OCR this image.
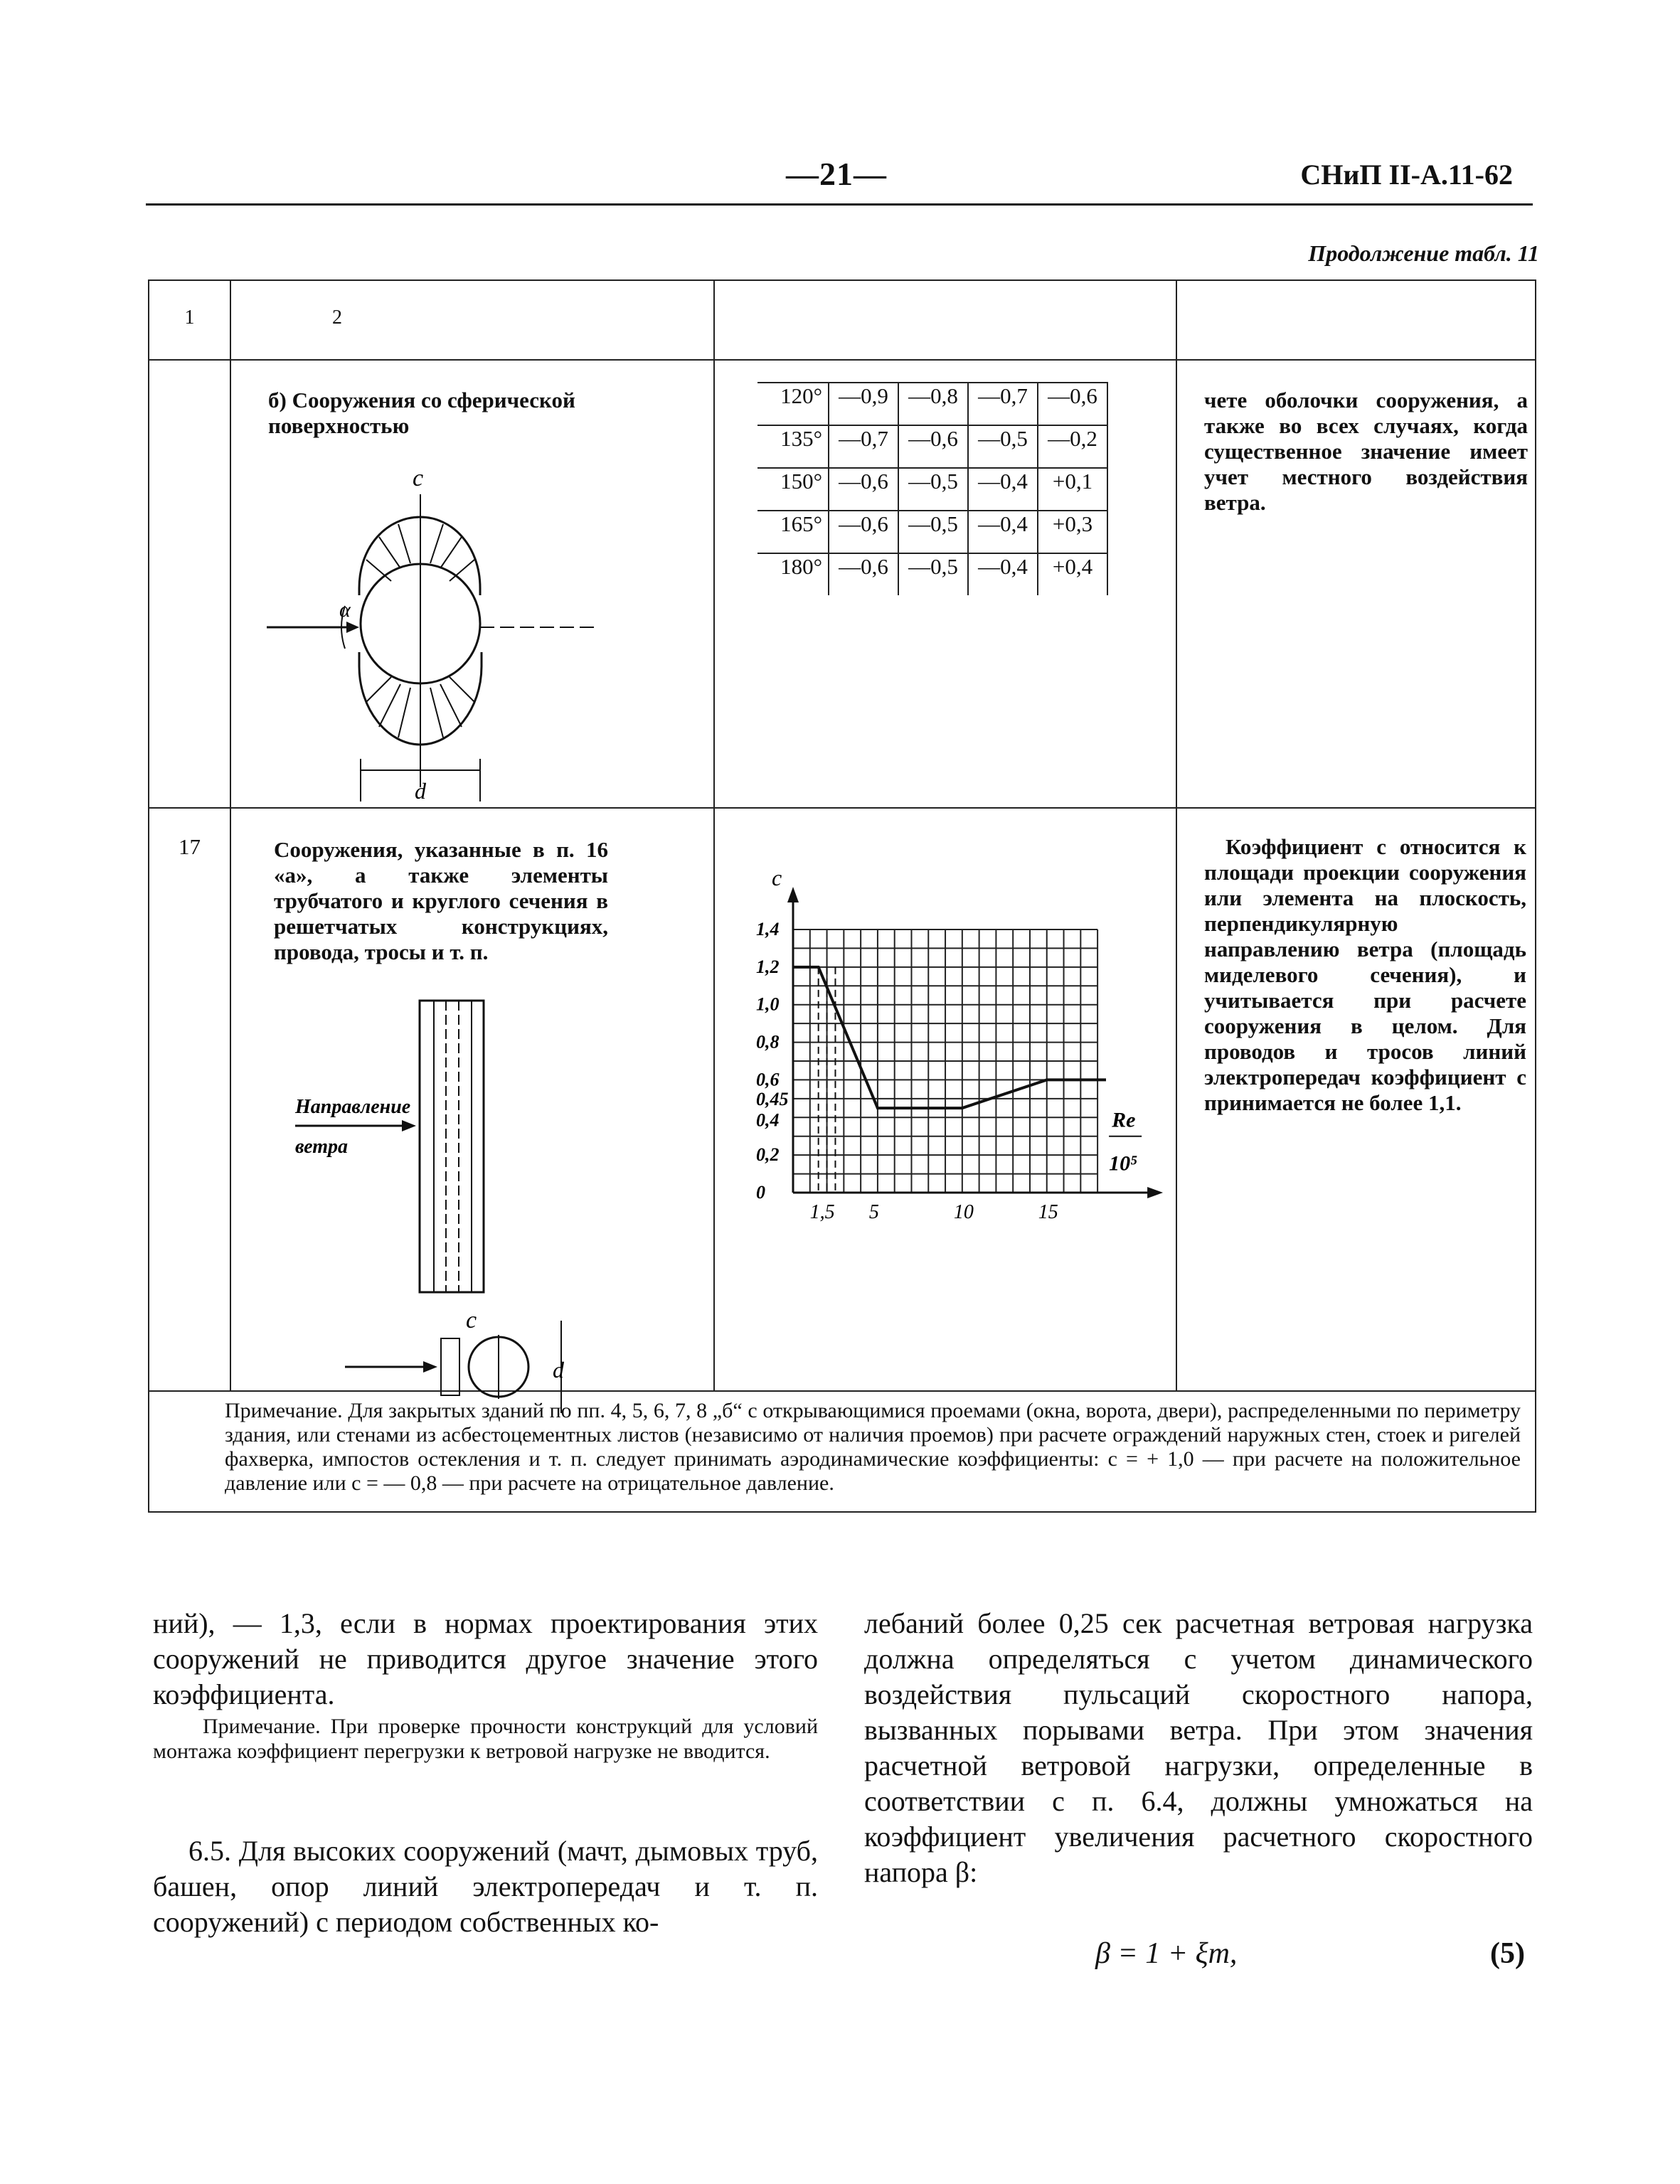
—21—	СНиП II-А.11-62
Продолжение табл. 11
1	2		

б) Сооружения со сферической поверхностью
c
α
d

120°	—0,9	—0,8	—0,7	—0,6
135°	—0,7	—0,6	—0,5	—0,2
150°	—0,6	—0,5	—0,4	+0,1
165°	—0,6	—0,5	—0,4	+0,3
180°	—0,6	—0,5	—0,4	+0,4

чете оболочки сооружения, а также во всех случаях, когда существенное значение имеет учет местного воздействия ветра.

17	Сооружения, указанные в п. 16 «а», а также элементы трубчатого и круглого сечения в решетчатых конструкциях, провода, тросы и т. п.
Направление
ветра
c
d

1,5 5	10	15
0
0,2
0,4
0,45
0,6
0,8
1,0
1,2
1,4
c
Re
10⁵

Коэффициент c относится к площади проекции сооружения или элемента на плоскость, перпендикулярную направлению ветра (площадь миделевого сечения), и учитывается при расчете сооружения в целом. Для проводов и тросов линий электропередач коэффициент c принимается не более 1,1.

Примечание. Для закрытых зданий по пп. 4, 5, 6, 7, 8 „б“ с открывающимися проемами (окна, ворота, двери), распределенными по периметру здания, или стенами из асбестоцементных листов (независимо от наличия проемов) при расчете ограждений наружных стен, стоек и ригелей фахверка, импостов остекления и т. п. следует принимать аэродинамические коэффициенты: c = + 1,0 — при расчете на положительное давление или c = — 0,8 — при расчете на отрицательное давление.
ний), — 1,3, если в нормах проектирования этих сооружений не приводится другое значение этого коэффициента.
Примечание. При проверке прочности конструкций для условий монтажа коэффициент перегрузки к ветровой нагрузке не вводится.
6.5. Для высоких сооружений (мачт, дымовых труб, башен, опор линий электропередач и т. п. сооружений) с периодом собственных ко-
лебаний более 0,25 сек расчетная ветровая нагрузка должна определяться с учетом динамического воздействия пульсаций скоростного напора, вызванных порывами ветра. При этом значения расчетной ветровой нагрузки, определенные в соответствии с п. 6.4, должны умножаться на коэффициент увеличения расчетного скоростного напора β:
β = 1 + ξm,	(5)
